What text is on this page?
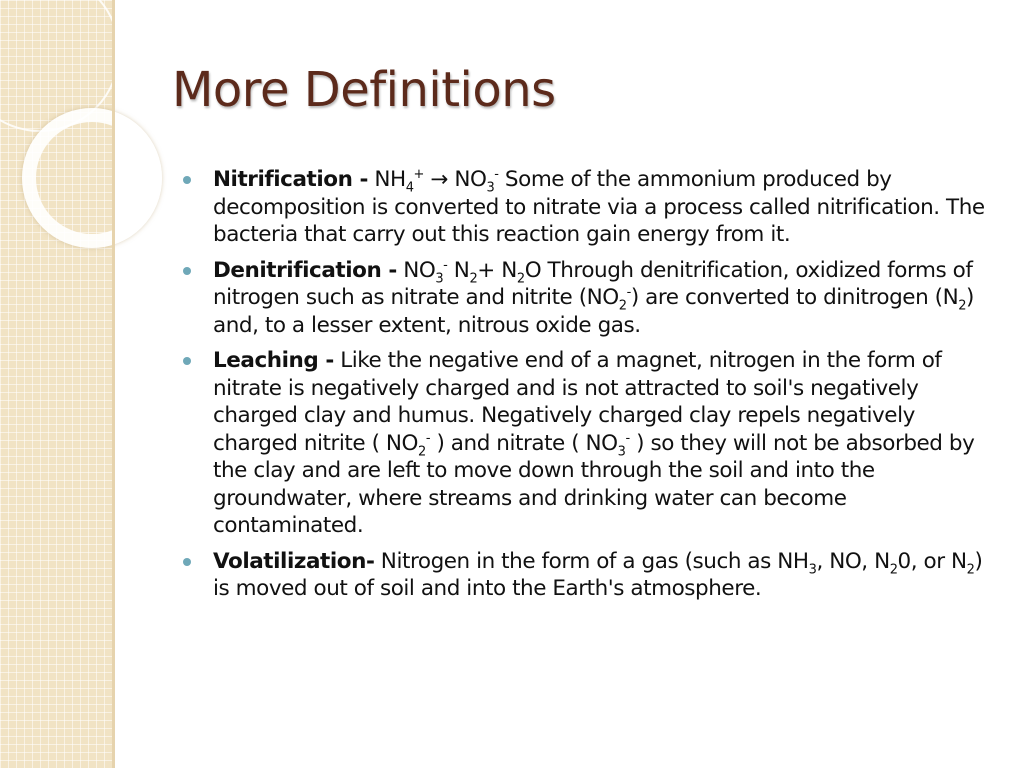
More Definitions
Nitrification - $NH_4^+ \to NO_3^-$ Some of the ammonium produced by decomposition is converted to nitrate via a process called nitrification. The bacteria that carry out this reaction gain energy from it.
Denitrification - $NO_3^-$ $N_2+ N_2O$ Through denitrification, oxidized forms of nitrogen such as nitrate and nitrite $(NO_2^-)$ are converted to dinitrogen $(N_2)$ and, to a lesser extent, nitrous oxide gas.
Leaching - Like the negative end of a magnet, nitrogen in the form of nitrate is negatively charged and is not attracted to soil's negatively charged clay and humus. Negatively charged clay repels negatively charged nitrite ( $NO_2^-$ ) and nitrate ( $NO_3^-$ ) so they will not be absorbed by the clay and are left to move down through the soil and into the groundwater, where streams and drinking water can become contaminated.
Volatilization- Nitrogen in the form of a gas (such as $NH_3$, NO, $N_20$, or $N_2$) is moved out of soil and into the Earth's atmosphere.
